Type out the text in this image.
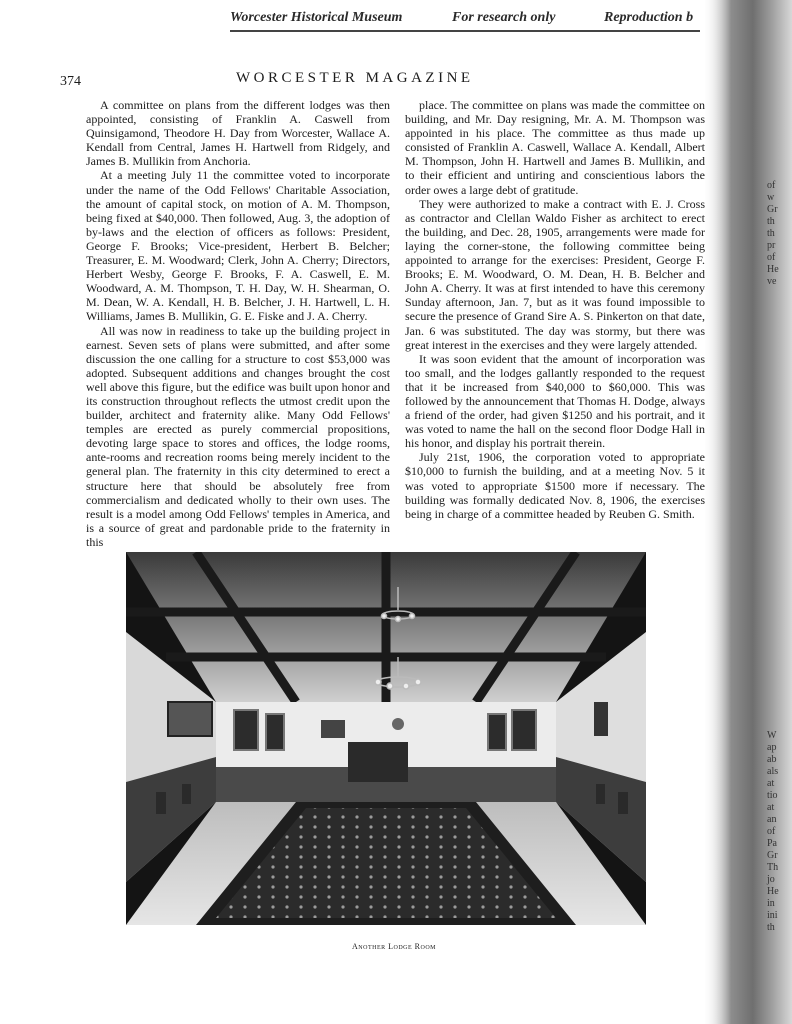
Worcester Historical Museum	For research only	Reproduction b
374	WORCESTER MAGAZINE

A committee on plans from the different lodges was then appointed, consisting of Franklin A. Caswell from Quinsigamond, Theodore H. Day from Worcester, Wallace A. Kendall from Central, James H. Hartwell from Ridgely, and James B. Mullikin from Anchoria.

At a meeting July 11 the committee voted to incorporate under the name of the Odd Fellows' Charitable Association, the amount of capital stock, on motion of A. M. Thompson, being fixed at $40,000. Then followed, Aug. 3, the adoption of by-laws and the election of officers as follows: President, George F. Brooks; Vice-president, Herbert B. Belcher; Treasurer, E. M. Woodward; Clerk, John A. Cherry; Directors, Herbert Wesby, George F. Brooks, F. A. Caswell, E. M. Woodward, A. M. Thompson, T. H. Day, W. H. Shearman, O. M. Dean, W. A. Kendall, H. B. Belcher, J. H. Hartwell, L. H. Williams, James B. Mullikin, G. E. Fiske and J. A. Cherry.

All was now in readiness to take up the building project in earnest. Seven sets of plans were submitted, and after some discussion the one calling for a structure to cost $53,000 was adopted. Subsequent additions and changes brought the cost well above this figure, but the edifice was built upon honor and its construction throughout reflects the utmost credit upon the builder, architect and fraternity alike. Many Odd Fellows' temples are erected as purely commercial propositions, devoting large space to stores and offices, the lodge rooms, ante-rooms and recreation rooms being merely incident to the general plan. The fraternity in this city determined to erect a structure here that should be absolutely free from commercialism and dedicated wholly to their own uses. The result is a model among Odd Fellows' temples in America, and is a source of great and pardonable pride to the fraternity in this

place. The committee on plans was made the committee on building, and Mr. Day resigning, Mr. A. M. Thompson was appointed in his place. The committee as thus made up consisted of Franklin A. Caswell, Wallace A. Kendall, Albert M. Thompson, John H. Hartwell and James B. Mullikin, and to their efficient and untiring and conscientious labors the order owes a large debt of gratitude.

They were authorized to make a contract with E. J. Cross as contractor and Clellan Waldo Fisher as architect to erect the building, and Dec. 28, 1905, arrangements were made for laying the corner-stone, the following committee being appointed to arrange for the exercises: President, George F. Brooks; E. M. Woodward, O. M. Dean, H. B. Belcher and John A. Cherry. It was at first intended to have this ceremony Sunday afternoon, Jan. 7, but as it was found impossible to secure the presence of Grand Sire A. S. Pinkerton on that date, Jan. 6 was substituted. The day was stormy, but there was great interest in the exercises and they were largely attended.

It was soon evident that the amount of incorporation was too small, and the lodges gallantly responded to the request that it be increased from $40,000 to $60,000. This was followed by the announcement that Thomas H. Dodge, always a friend of the order, had given $1250 and his portrait, and it was voted to name the hall on the second floor Dodge Hall in his honor, and display his portrait therein.

July 21st, 1906, the corporation voted to appropriate $10,000 to furnish the building, and at a meeting Nov. 5 it was voted to appropriate $1500 more if necessary. The building was formally dedicated Nov. 8, 1906, the exercises being in charge of a committee headed by Reuben G. Smith.

Another Lodge Room
of
w
Gr
th
th
pr
of
He
ve
W
ap
ab
als
at
tio
at
an
of
Pa
Gr
Th
jo
He
in
ini
th
